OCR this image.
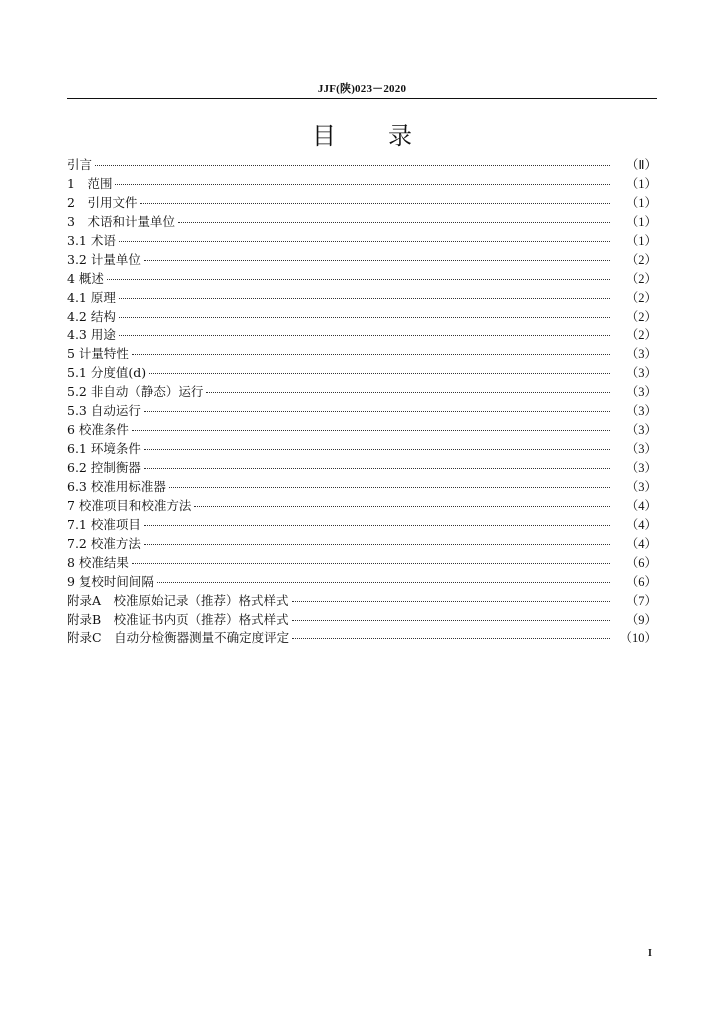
JJF(陕)023－2020
目录
引言	（Ⅱ）
1　范围	（1）
2　引用文件	（1）
3　术语和计量单位	（1）
3.1 术语	（1）
3.2 计量单位	（2）
4 概述	（2）
4.1 原理	（2）
4.2 结构	（2）
4.3 用途	（2）
5 计量特性	（3）
5.1 分度值(d)	（3）
5.2 非自动（静态）运行	（3）
5.3 自动运行	（3）
6 校准条件	（3）
6.1 环境条件	（3）
6.2 控制衡器	（3）
6.3 校准用标准器	（3）
7 校准项目和校准方法	（4）
7.1 校准项目	（4）
7.2 校准方法	（4）
8 校准结果	（6）
9 复校时间间隔	（6）
附录A　校准原始记录（推荐）格式样式	（7）
附录B　校准证书内页（推荐）格式样式	（9）
附录C　自动分检衡器测量不确定度评定	（10）
I
